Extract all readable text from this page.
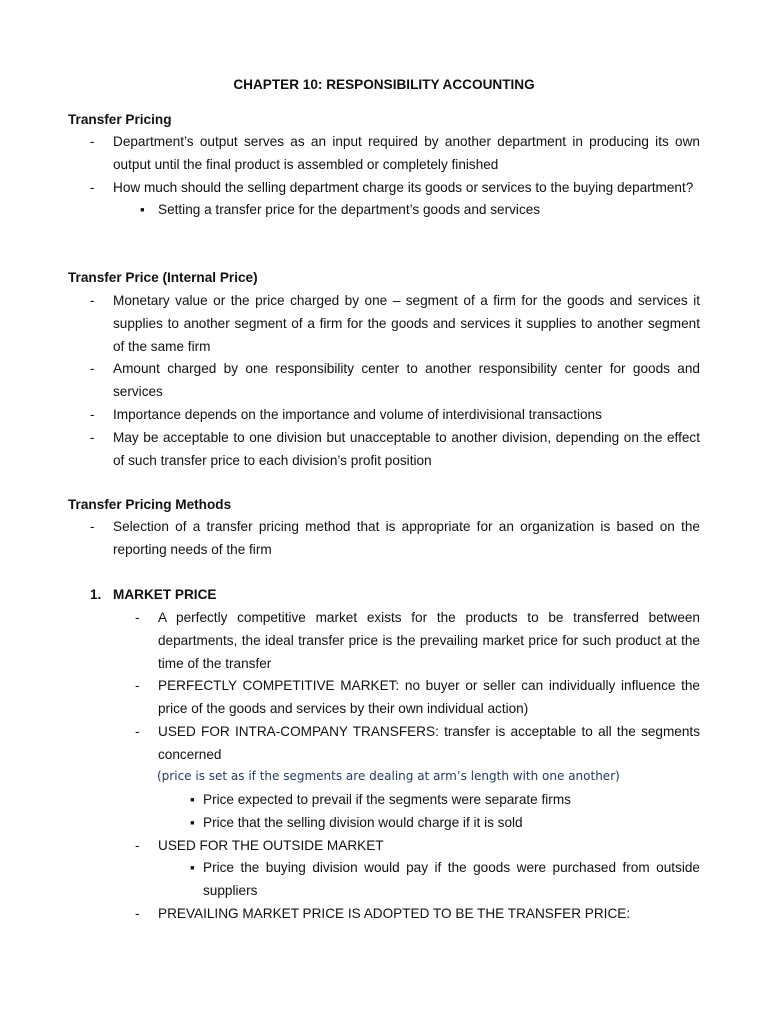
CHAPTER 10: RESPONSIBILITY ACCOUNTING
Transfer Pricing
- Department’s output serves as an input required by another department in producing its own output until the final product is assembled or completely finished
- How much should the selling department charge its goods or services to the buying department?
▪ Setting a transfer price for the department’s goods and services
Transfer Price (Internal Price)
- Monetary value or the price charged by one – segment of a firm for the goods and services it supplies to another segment of a firm for the goods and services it supplies to another segment of the same firm
- Amount charged by one responsibility center to another responsibility center for goods and services
- Importance depends on the importance and volume of interdivisional transactions
- May be acceptable to one division but unacceptable to another division, depending on the effect of such transfer price to each division’s profit position
Transfer Pricing Methods
- Selection of a transfer pricing method that is appropriate for an organization is based on the reporting needs of the firm
1. MARKET PRICE
- A perfectly competitive market exists for the products to be transferred between departments, the ideal transfer price is the prevailing market price for such product at the time of the transfer
- PERFECTLY COMPETITIVE MARKET: no buyer or seller can individually influence the price of the goods and services by their own individual action)
- USED FOR INTRA-COMPANY TRANSFERS: transfer is acceptable to all the segments concerned
(price is set as if the segments are dealing at arm’s length with one another)
▪ Price expected to prevail if the segments were separate firms
▪ Price that the selling division would charge if it is sold
- USED FOR THE OUTSIDE MARKET
▪ Price the buying division would pay if the goods were purchased from outside suppliers
- PREVAILING MARKET PRICE IS ADOPTED TO BE THE TRANSFER PRICE:
